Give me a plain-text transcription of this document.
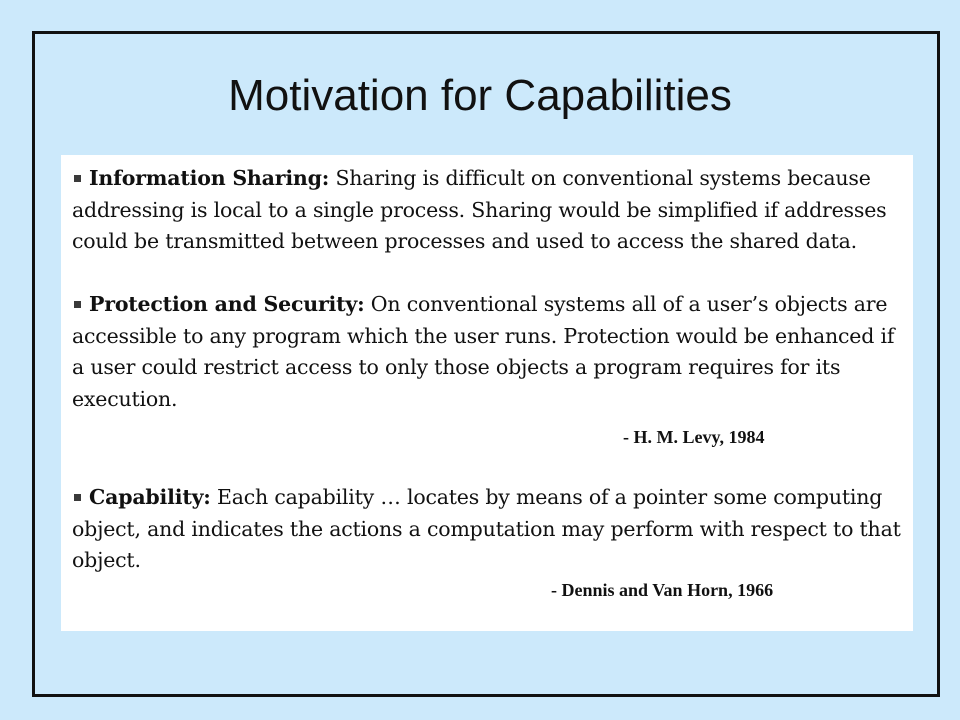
Motivation for Capabilities

Information Sharing: Sharing is difficult on conventional systems because addressing is local to a single process. Sharing would be simplified if addresses could be transmitted between processes and used to access the shared data.

Protection and Security: On conventional systems all of a user’s objects are accessible to any program which the user runs. Protection would be enhanced if a user could restrict access to only those objects a program requires for its execution.

- H. M. Levy, 1984

Capability: Each capability … locates by means of a pointer some computing object, and indicates the actions a computation may perform with respect to that object.

- Dennis and Van Horn, 1966
